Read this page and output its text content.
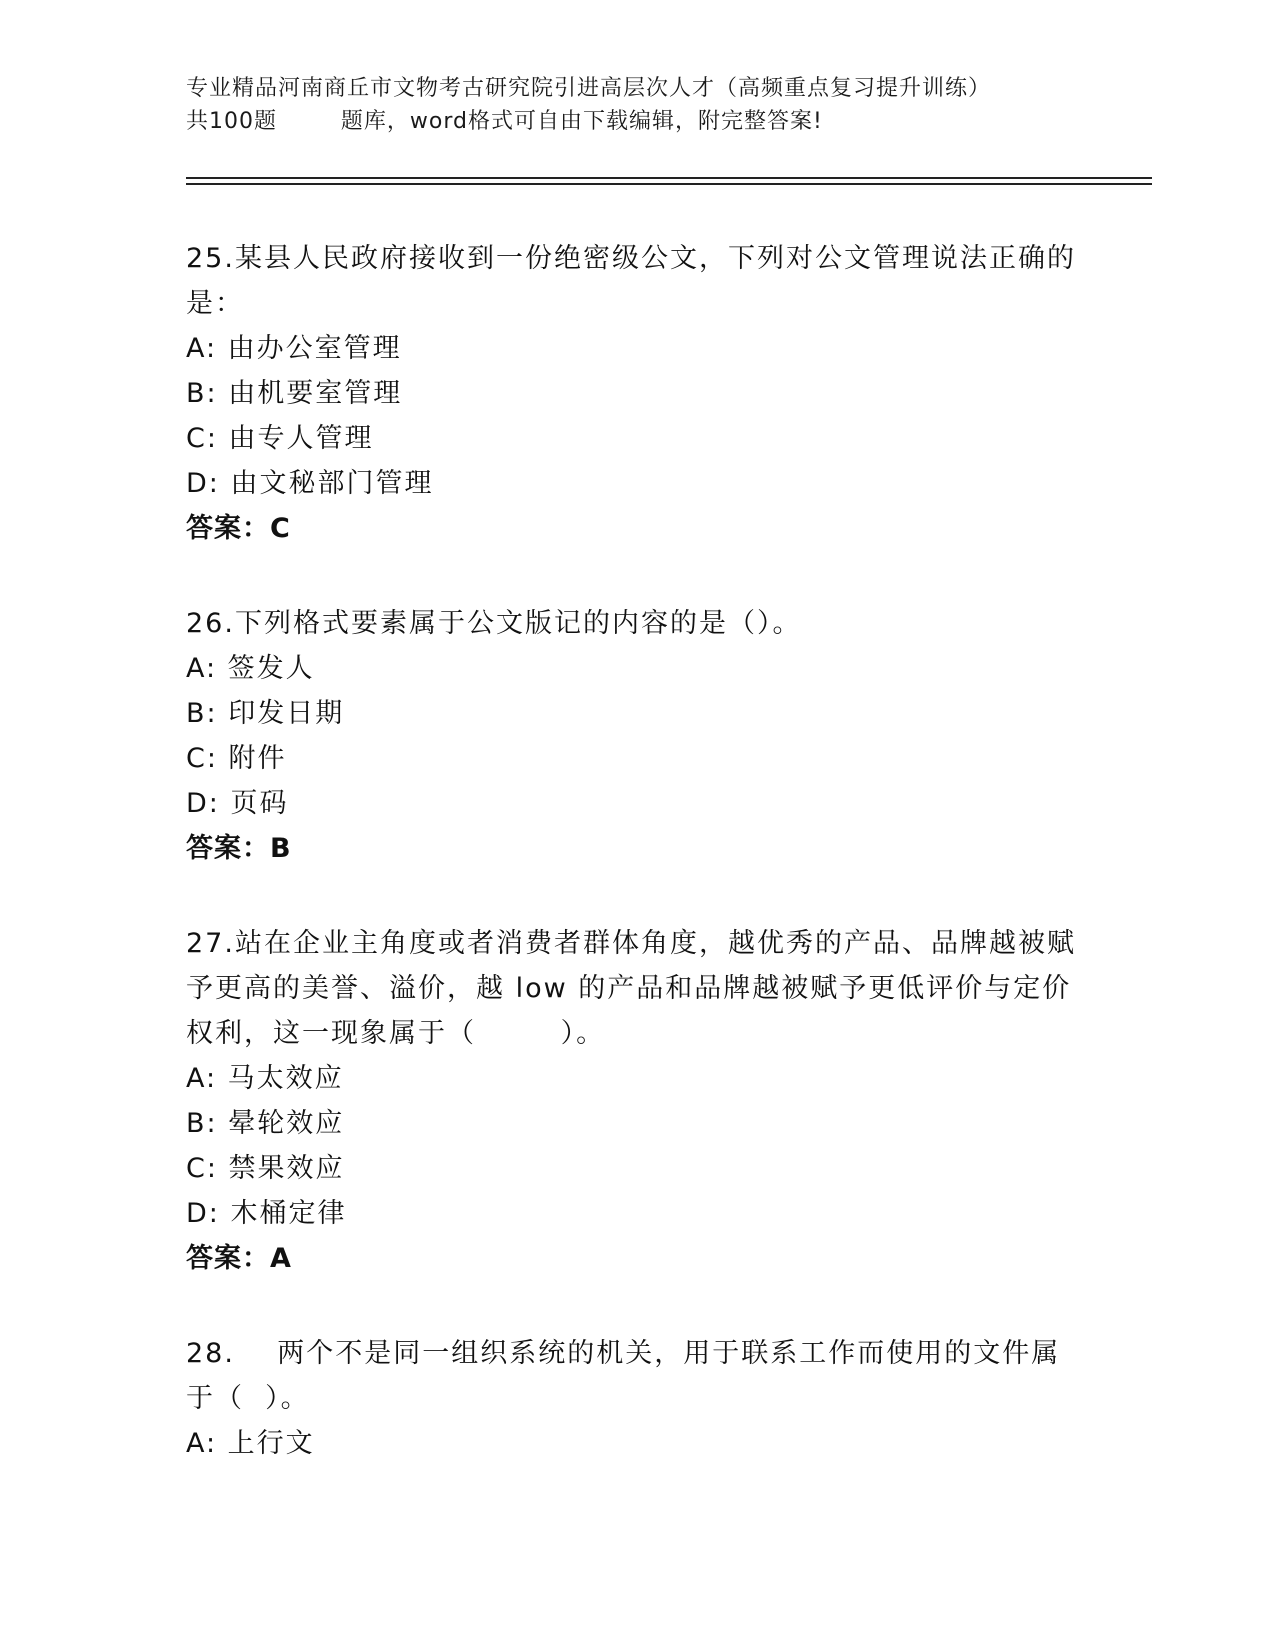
专业精品河南商丘市文物考古研究院引进高层次人才（高频重点复习提升训练）
共100题        题库，word格式可自由下载编辑，附完整答案!
25.某县人民政府接收到一份绝密级公文，下列对公文管理说法正确的是：
A: 由办公室管理
B: 由机要室管理
C: 由专人管理
D: 由文秘部门管理
答案：C
26.下列格式要素属于公文版记的内容的是（）。
A: 签发人
B: 印发日期
C: 附件
D: 页码
答案：B
27.站在企业主角度或者消费者群体角度，越优秀的产品、品牌越被赋予更高的美誉、溢价，越 low 的产品和品牌越被赋予更低评价与定价权利，这一现象属于（        ）。
A: 马太效应
B: 晕轮效应
C: 禁果效应
D: 木桶定律
答案：A
28.    两个不是同一组织系统的机关，用于联系工作而使用的文件属于（  ）。
A: 上行文
